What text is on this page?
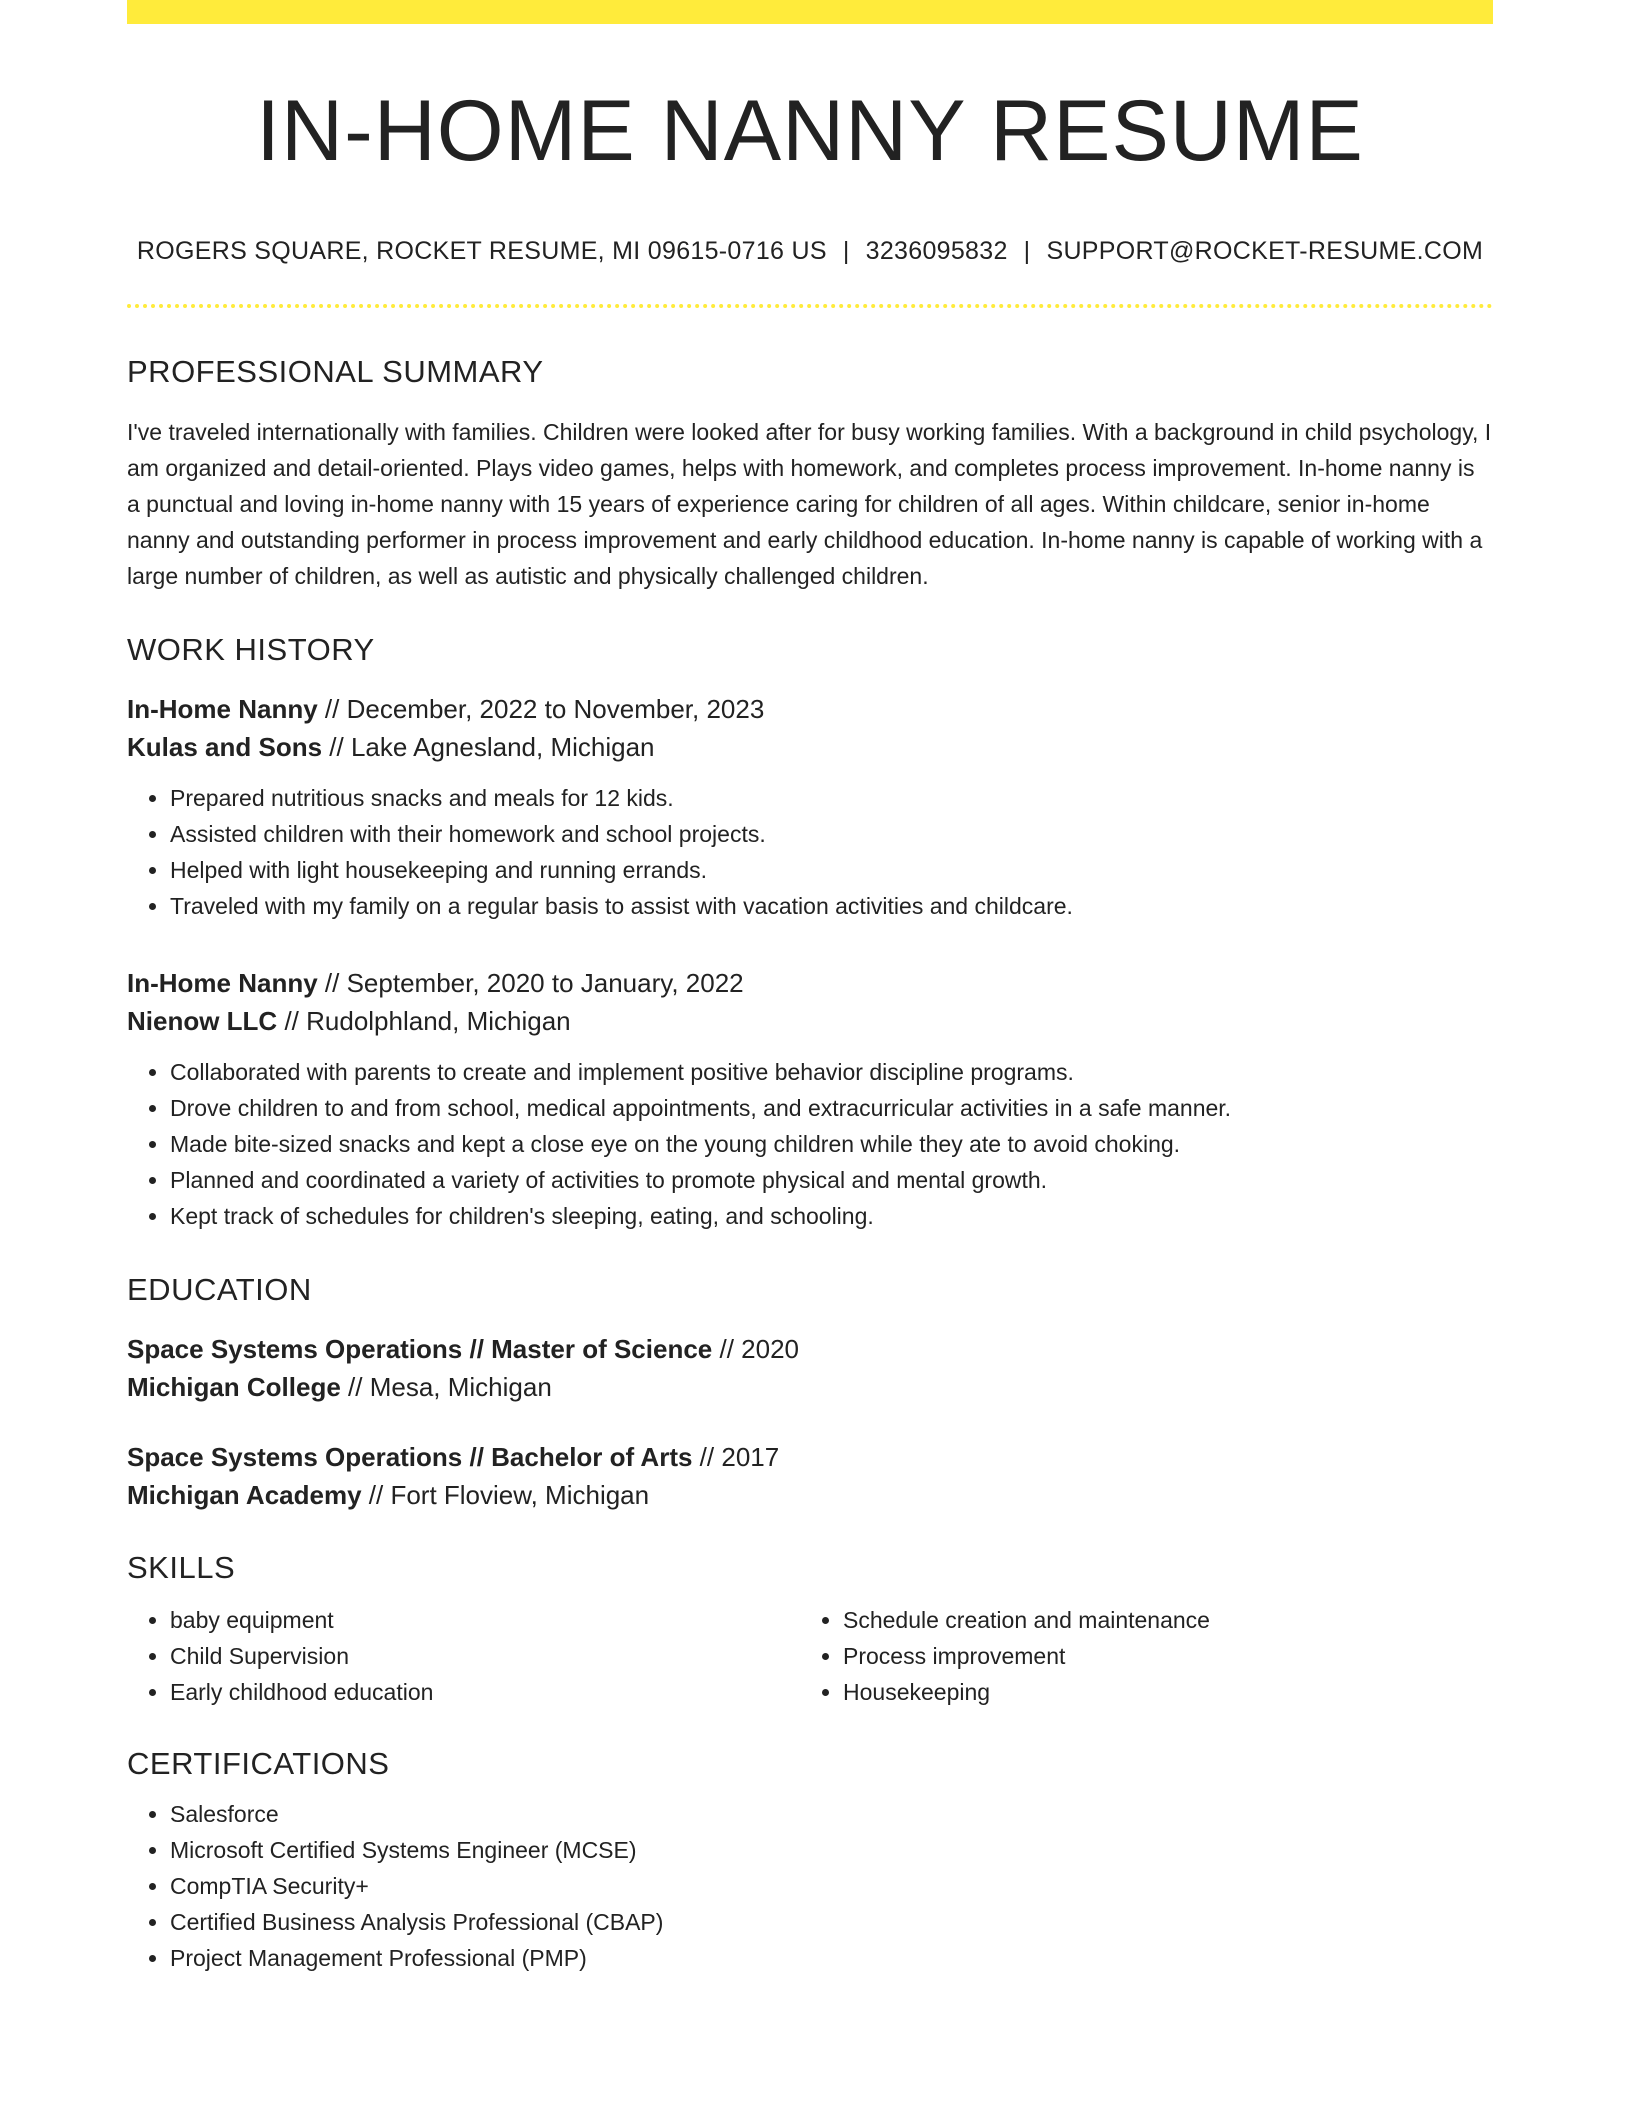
IN-HOME NANNY RESUME
ROGERS SQUARE, ROCKET RESUME, MI 09615-0716 US | 3236095832 | SUPPORT@ROCKET-RESUME.COM
PROFESSIONAL SUMMARY
I've traveled internationally with families. Children were looked after for busy working families. With a background in child psychology, I am organized and detail-oriented. Plays video games, helps with homework, and completes process improvement. In-home nanny is a punctual and loving in-home nanny with 15 years of experience caring for children of all ages. Within childcare, senior in-home nanny and outstanding performer in process improvement and early childhood education. In-home nanny is capable of working with a large number of children, as well as autistic and physically challenged children.
WORK HISTORY
In-Home Nanny // December, 2022 to November, 2023
Kulas and Sons // Lake Agnesland, Michigan
• Prepared nutritious snacks and meals for 12 kids.
• Assisted children with their homework and school projects.
• Helped with light housekeeping and running errands.
• Traveled with my family on a regular basis to assist with vacation activities and childcare.
In-Home Nanny // September, 2020 to January, 2022
Nienow LLC // Rudolphland, Michigan
• Collaborated with parents to create and implement positive behavior discipline programs.
• Drove children to and from school, medical appointments, and extracurricular activities in a safe manner.
• Made bite-sized snacks and kept a close eye on the young children while they ate to avoid choking.
• Planned and coordinated a variety of activities to promote physical and mental growth.
• Kept track of schedules for children's sleeping, eating, and schooling.
EDUCATION
Space Systems Operations // Master of Science // 2020
Michigan College // Mesa, Michigan
Space Systems Operations // Bachelor of Arts // 2017
Michigan Academy // Fort Floview, Michigan
SKILLS
• baby equipment
• Child Supervision
• Early childhood education
• Schedule creation and maintenance
• Process improvement
• Housekeeping
CERTIFICATIONS
• Salesforce
• Microsoft Certified Systems Engineer (MCSE)
• CompTIA Security+
• Certified Business Analysis Professional (CBAP)
• Project Management Professional (PMP)
